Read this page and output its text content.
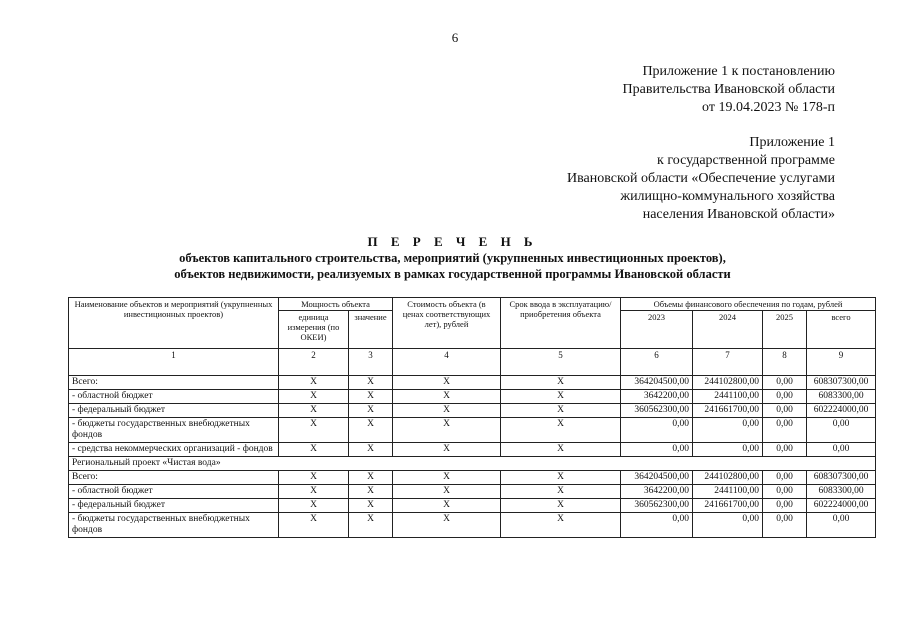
6
Приложение 1 к постановлению
Правительства Ивановской области
от 19.04.2023 № 178-п
Приложение 1
к государственной программе
Ивановской области «Обеспечение услугами
жилищно-коммунального хозяйства
населения Ивановской области»
П Е Р Е Ч Е Н Ь
объектов капитального строительства, мероприятий (укрупненных инвестиционных проектов),
объектов недвижимости, реализуемых в рамках государственной программы Ивановской области
Наименование объектов и мероприятий (укрупненных инвестиционных проектов)	Мощность объекта		Стоимость объекта (в ценах соответствующих лет), рублей	Срок ввода в эксплуатацию/ приобретения объекта	Объемы финансового обеспечения по годам, рублей			
	единица измерения (по ОКЕИ)	значение			2023	2024	2025	всего
1	2	3	4	5	6	7	8	9
Всего:	Х	Х	Х	Х	364204500,00	244102800,00	0,00	608307300,00
- областной бюджет	Х	Х	Х	Х	3642200,00	2441100,00	0,00	6083300,00
- федеральный бюджет	Х	Х	Х	Х	360562300,00	241661700,00	0,00	602224000,00
- бюджеты государственных внебюджетных фондов	Х	Х	Х	Х	0,00	0,00	0,00	0,00
- средства некоммерческих организаций - фондов	Х	Х	Х	Х	0,00	0,00	0,00	0,00
Региональный проект «Чистая вода»								
Всего:	Х	Х	Х	Х	364204500,00	244102800,00	0,00	608307300,00
- областной бюджет	Х	Х	Х	Х	3642200,00	2441100,00	0,00	6083300,00
- федеральный бюджет	Х	Х	Х	Х	360562300,00	241661700,00	0,00	602224000,00
- бюджеты государственных внебюджетных фондов	Х	Х	Х	Х	0,00	0,00	0,00	0,00
